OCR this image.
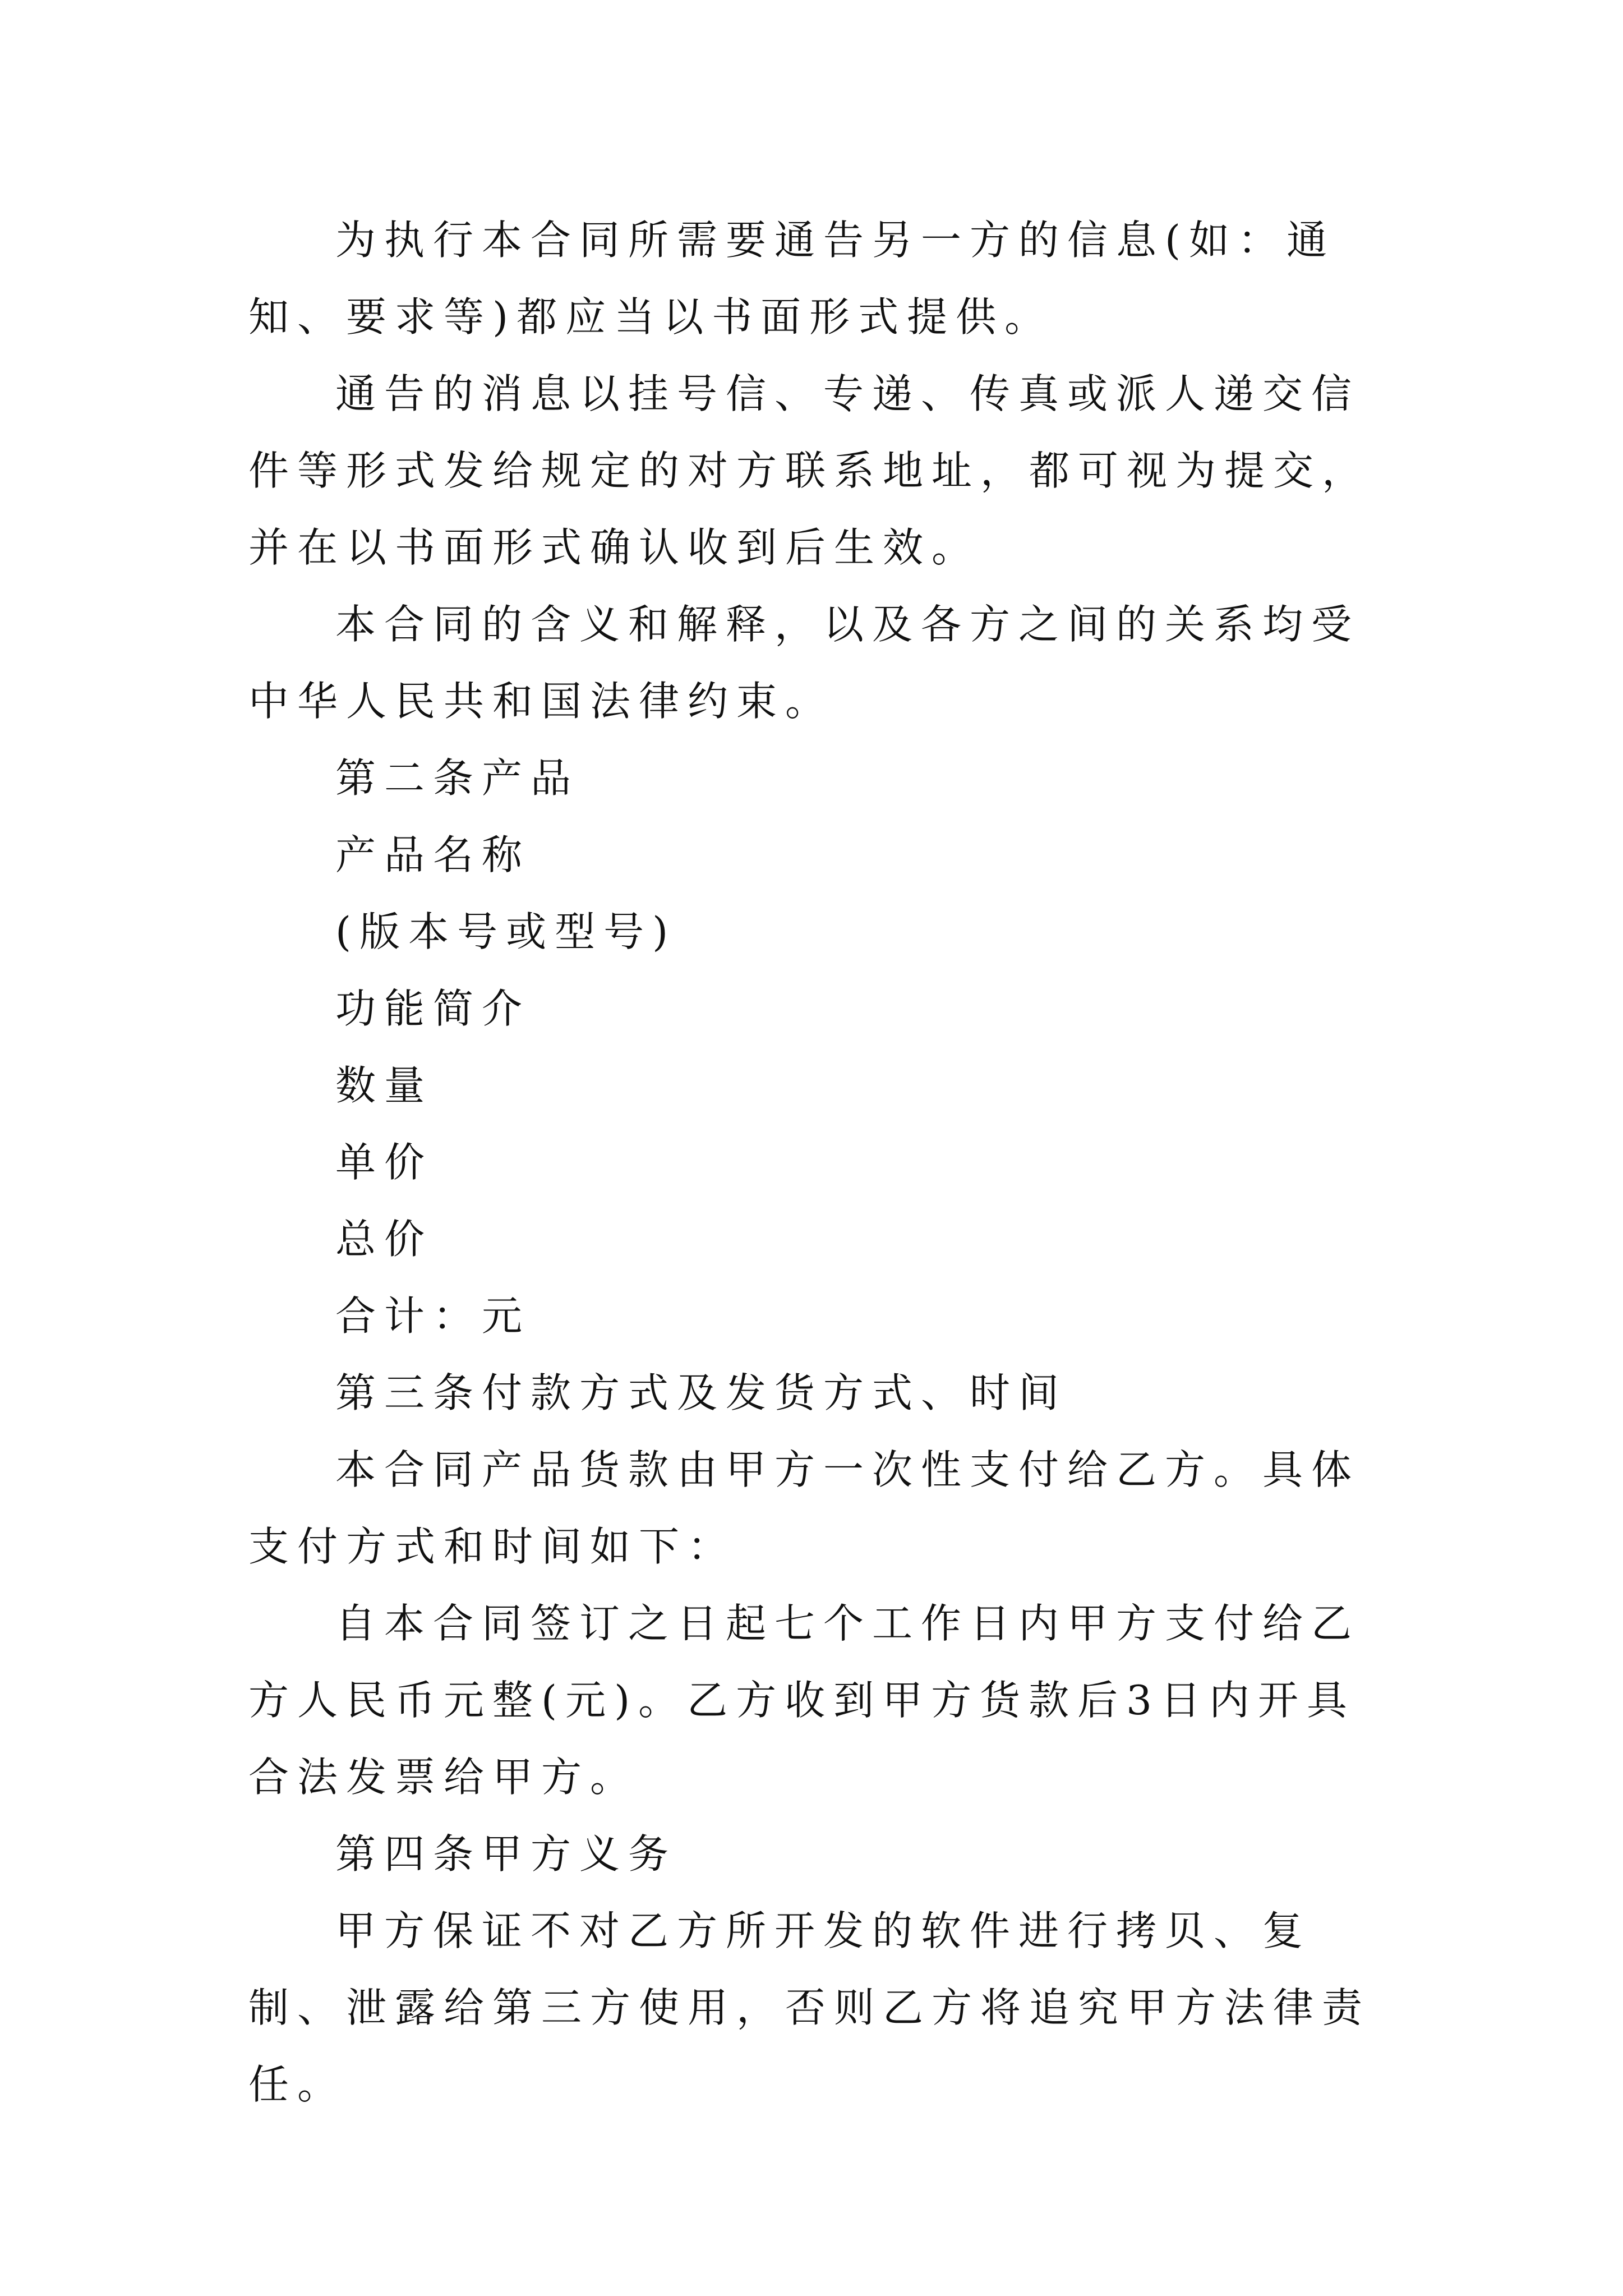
为执行本合同所需要通告另一方的信息(如：通知、要求等)都应当以书面形式提供。

通告的消息以挂号信、专递、传真或派人递交信件等形式发给规定的对方联系地址，都可视为提交，并在以书面形式确认收到后生效。

本合同的含义和解释，以及各方之间的关系均受中华人民共和国法律约束。

第二条产品

产品名称

(版本号或型号)

功能简介

数量

单价

总价

合计：元

第三条付款方式及发货方式、时间

本合同产品货款由甲方一次性支付给乙方。具体支付方式和时间如下：

自本合同签订之日起七个工作日内甲方支付给乙方人民币元整(元)。乙方收到甲方货款后3日内开具合法发票给甲方。

第四条甲方义务

甲方保证不对乙方所开发的软件进行拷贝、复制、泄露给第三方使用，否则乙方将追究甲方法律责任。
